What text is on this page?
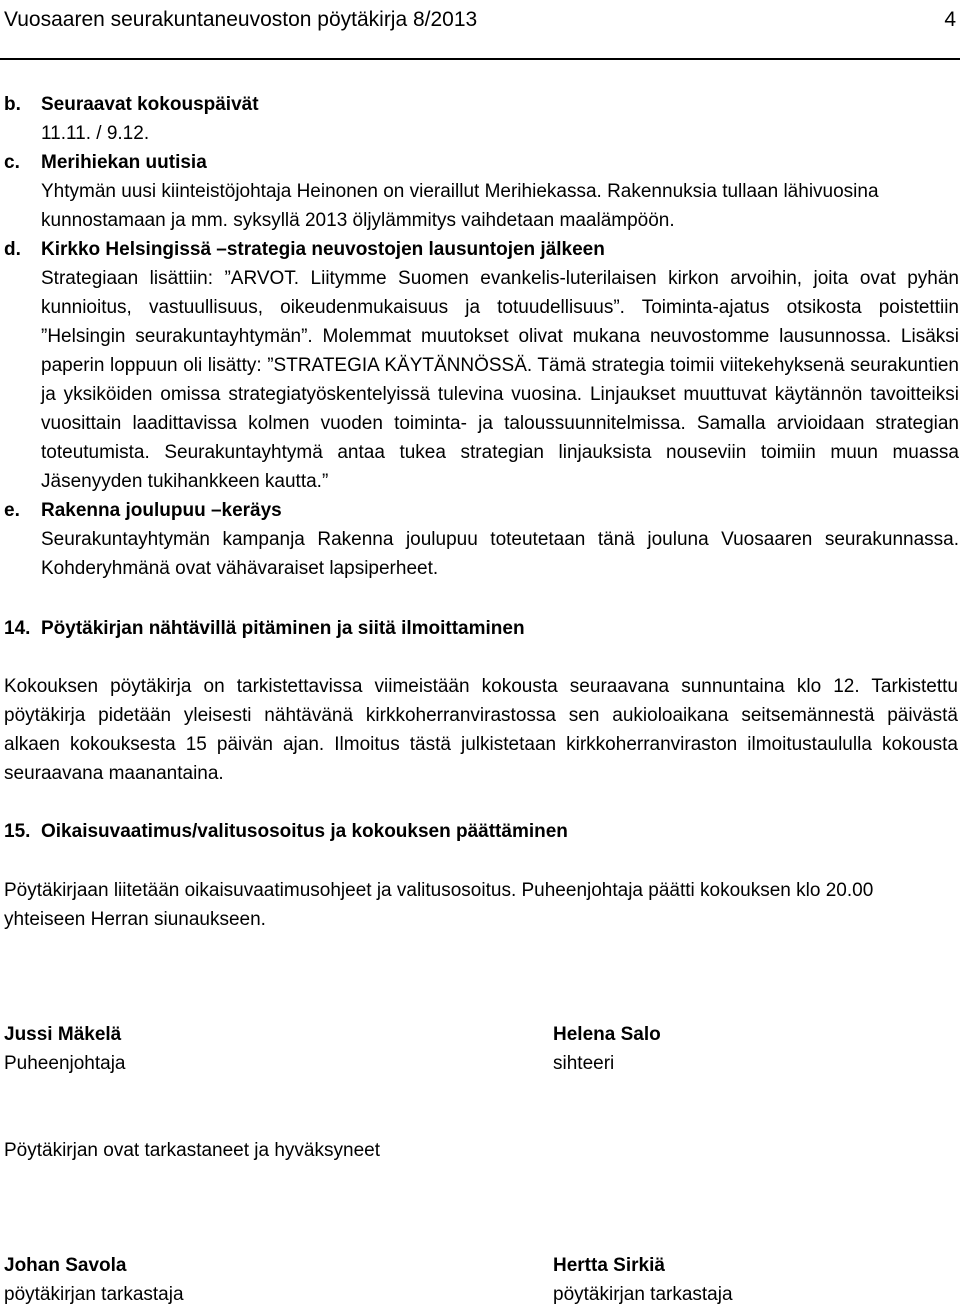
Vuosaaren seurakuntaneuvoston pöytäkirja 8/2013	4
b. Seuraavat kokouspäivät
11.11. / 9.12.
c. Merihiekan uutisia
Yhtymän uusi kiinteistöjohtaja Heinonen on vieraillut Merihiekassa. Rakennuksia tullaan lähivuosina
kunnostamaan ja mm. syksyllä 2013 öljylämmitys vaihdetaan maalämpöön.
d. Kirkko Helsingissä –strategia neuvostojen lausuntojen jälkeen
Strategiaan lisättiin: ”ARVOT. Liitymme Suomen evankelis-luterilaisen kirkon arvoihin, joita ovat pyhän kunnioitus, vastuullisuus, oikeudenmukaisuus ja totuudellisuus”. Toiminta-ajatus otsikosta poistettiin ”Helsingin seurakuntayhtymän”. Molemmat muutokset olivat mukana neuvostomme lausunnossa. Lisäksi paperin loppuun oli lisätty: ”STRATEGIA KÄYTÄNNÖSSÄ. Tämä strategia toimii viitekehyksenä seurakuntien ja yksiköiden omissa strategiatyöskentelyissä tulevina vuosina. Linjaukset muuttuvat käytännön tavoitteiksi vuosittain laadittavissa kolmen vuoden toiminta- ja taloussuunnitelmissa. Samalla arvioidaan strategian toteutumista. Seurakuntayhtymä antaa tukea strategian linjauksista nouseviin toimiin muun muassa Jäsenyyden tukihankkeen kautta.”
e. Rakenna joulupuu –keräys
Seurakuntayhtymän kampanja Rakenna joulupuu toteutetaan tänä jouluna Vuosaaren seurakunnassa. Kohderyhmänä ovat vähävaraiset lapsiperheet.
14. Pöytäkirjan nähtävillä pitäminen ja siitä ilmoittaminen
Kokouksen pöytäkirja on tarkistettavissa viimeistään kokousta seuraavana sunnuntaina klo 12. Tarkistettu pöytäkirja pidetään yleisesti nähtävänä kirkkoherranvirastossa sen aukioloaikana seitsemännestä päivästä alkaen kokouksesta 15 päivän ajan. Ilmoitus tästä julkistetaan kirkkoherranviraston ilmoitustaululla kokousta seuraavana maanantaina.
15. Oikaisuvaatimus/valitusosoitus ja kokouksen päättäminen
Pöytäkirjaan liitetään oikaisuvaatimusohjeet ja valitusosoitus. Puheenjohtaja päätti kokouksen klo 20.00
yhteiseen Herran siunaukseen.
Jussi Mäkelä
Puheenjohtaja
Helena Salo
sihteeri
Pöytäkirjan ovat tarkastaneet ja hyväksyneet
Johan Savola
pöytäkirjan tarkastaja
Hertta Sirkiä
pöytäkirjan tarkastaja
